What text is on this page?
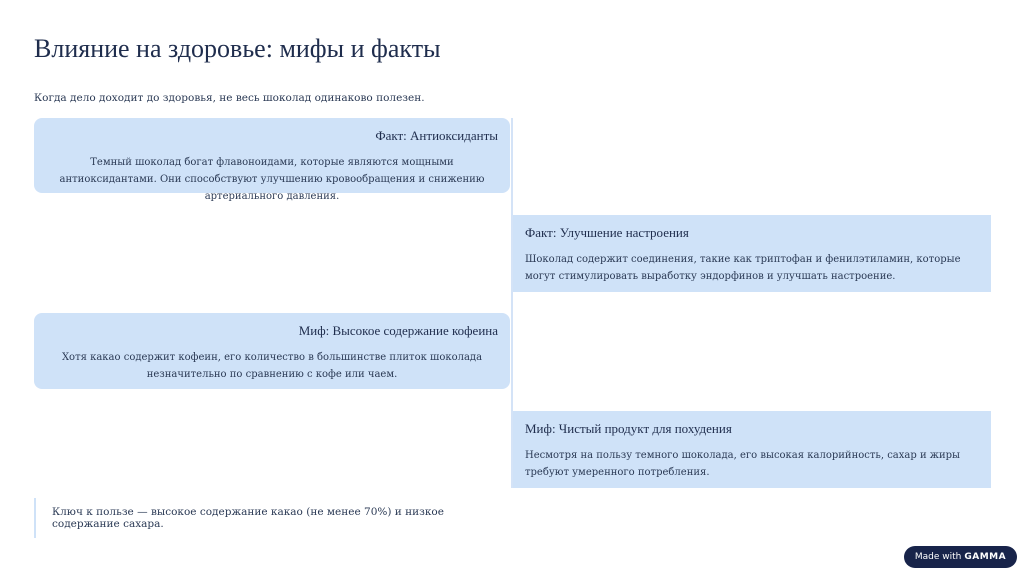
Влияние на здоровье: мифы и факты
Когда дело доходит до здоровья, не весь шоколад одинаково полезен.
Факт: Антиоксиданты
Темный шоколад богат флавоноидами, которые являются мощными антиоксидантами. Они способствуют улучшению кровообращения и снижению артериального давления.
Факт: Улучшение настроения
Шоколад содержит соединения, такие как триптофан и фенилэтиламин, которые могут стимулировать выработку эндорфинов и улучшать настроение.
Миф: Высокое содержание кофеина
Хотя какао содержит кофеин, его количество в большинстве плиток шоколада незначительно по сравнению с кофе или чаем.
Миф: Чистый продукт для похудения
Несмотря на пользу темного шоколада, его высокая калорийность, сахар и жиры требуют умеренного потребления.
Ключ к пользе — высокое содержание какао (не менее 70%) и низкое содержание сахара.
Made with GAMMA
